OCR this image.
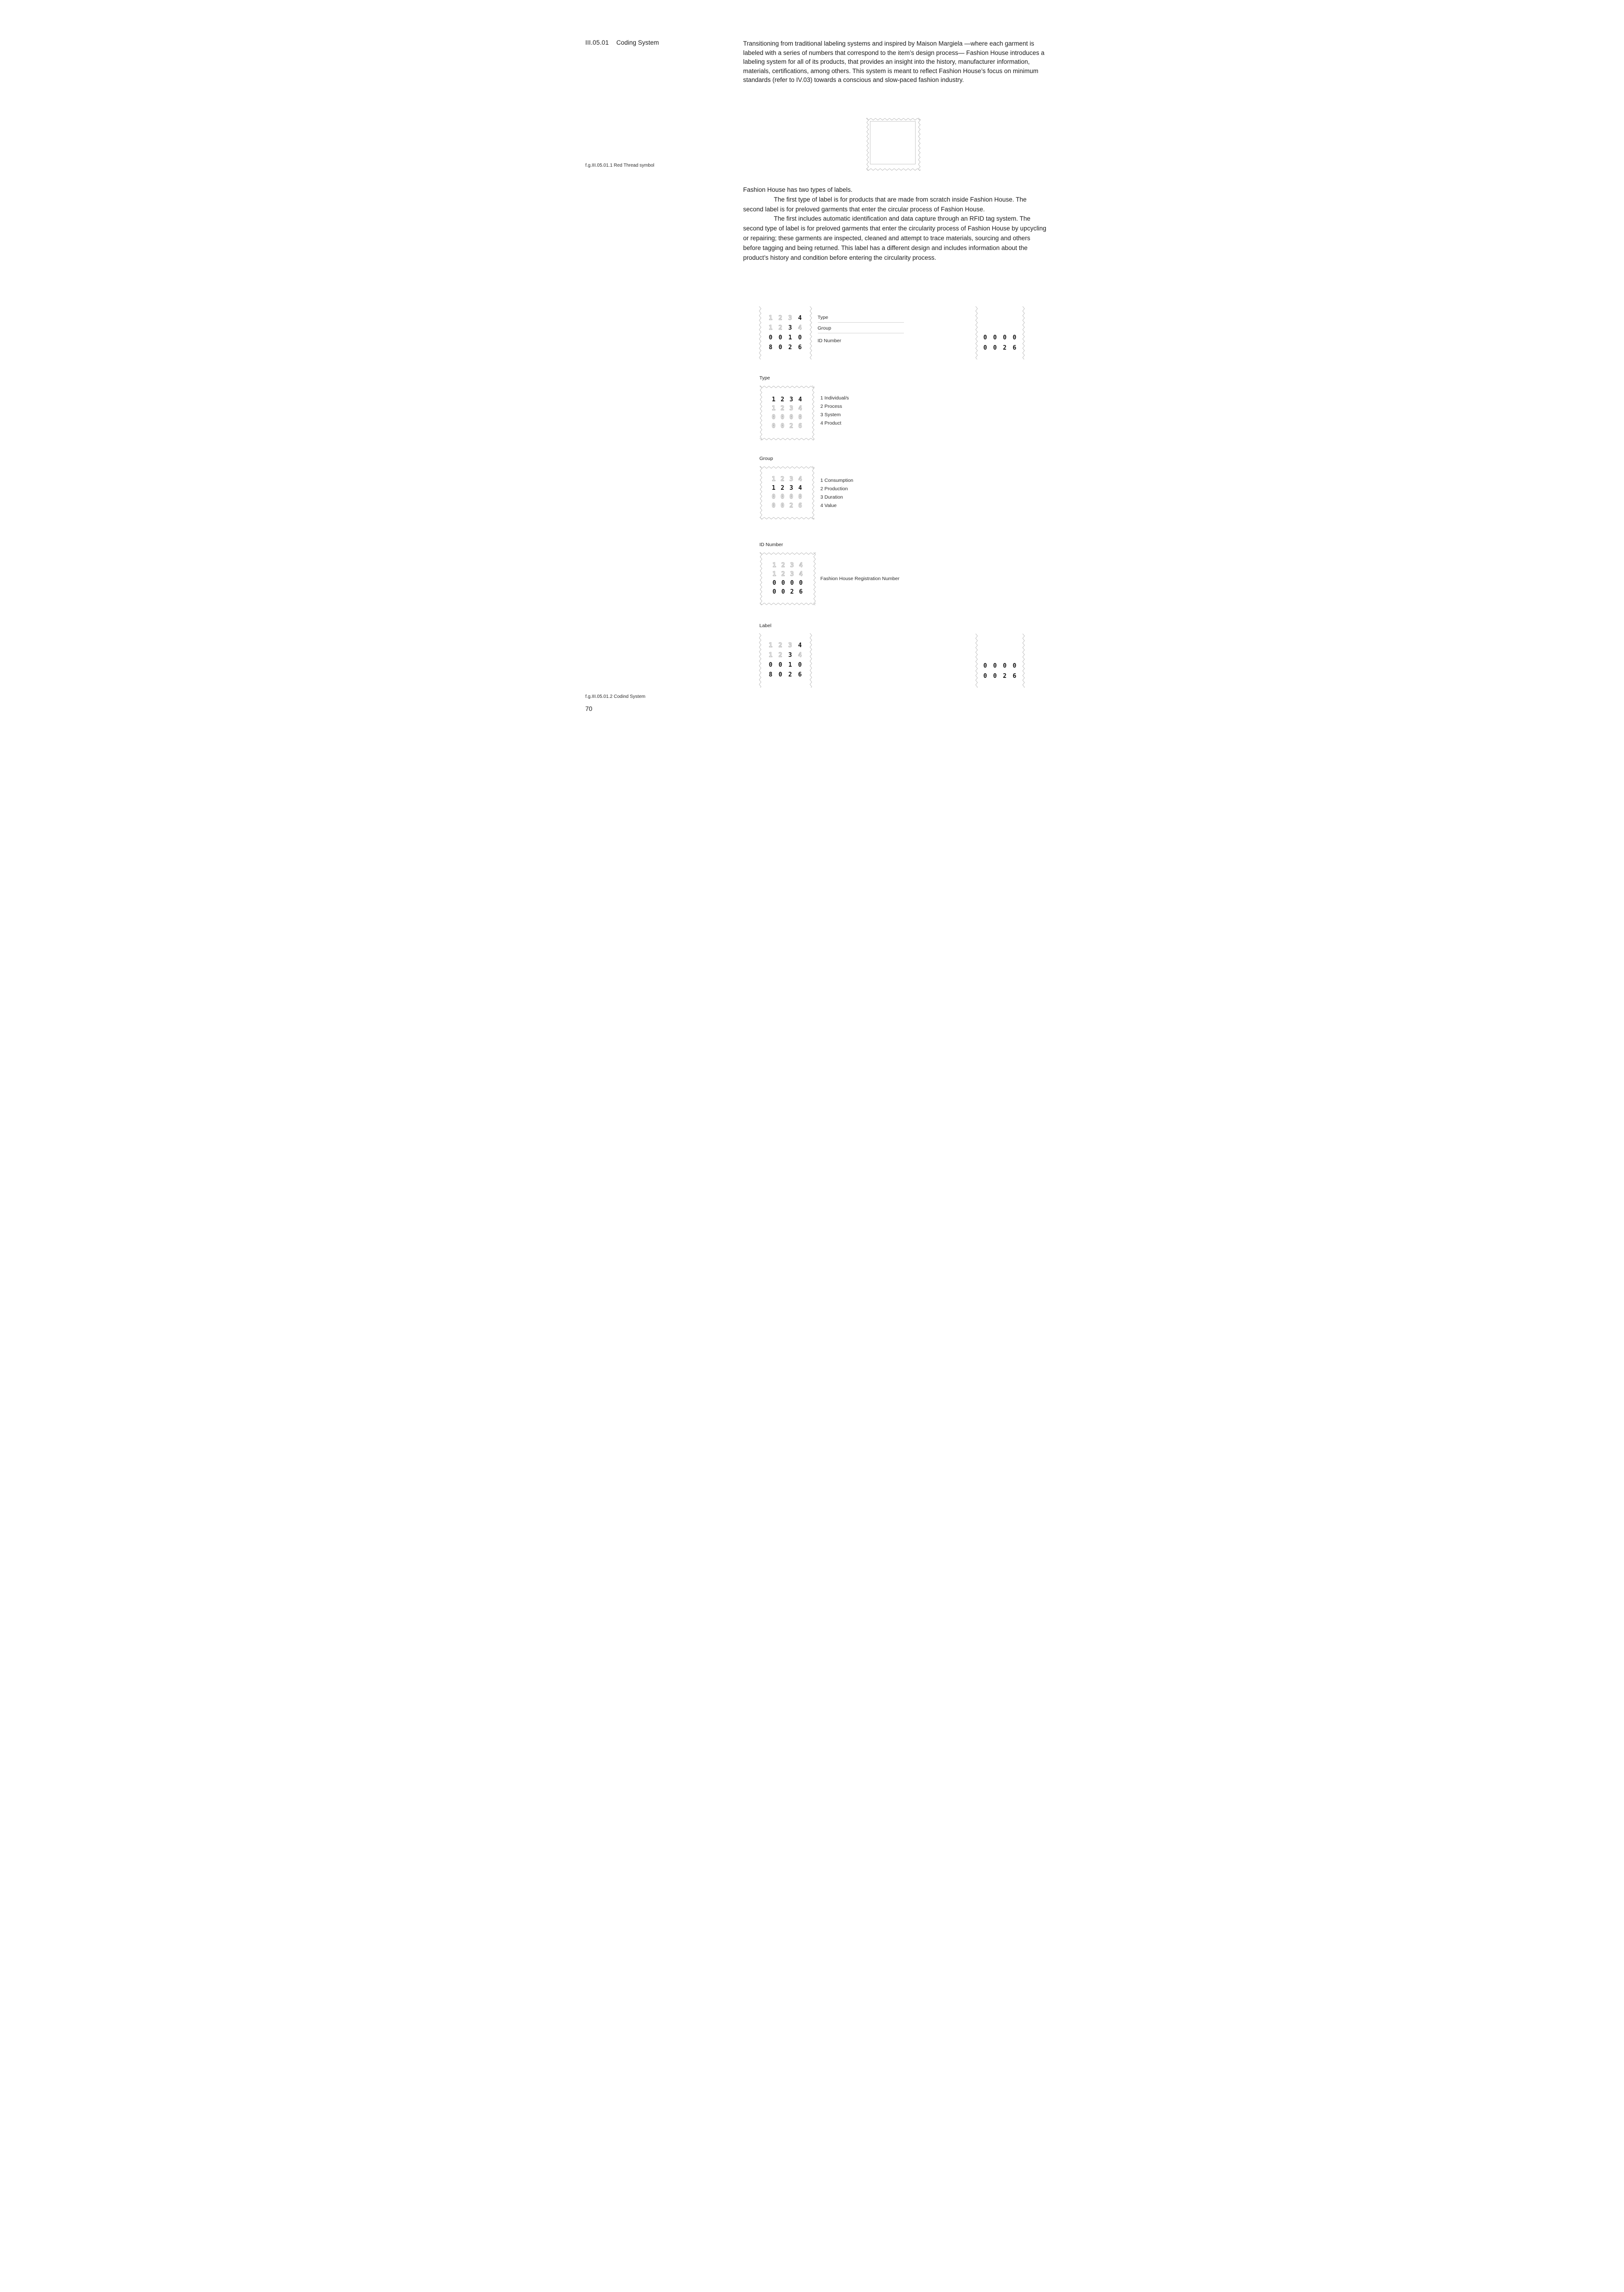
III.05.01 Coding System	Transitioning from traditional labeling systems and inspired by Maison Margiela —where each garment is labeled with a series of numbers that correspond to the item’s design process— Fashion House introduces a labeling system for all of its products, that provides an insight into the history, manufacturer information, materials, certifications, among others. This system is meant to reflect Fashion House’s focus on minimum standards (refer to IV.03) towards a conscious and slow-paced fashion industry.

f.g.III.05.01.1 Red Thread symbol

Fashion House has two types of labels.

The first type of label is for products that are made from scratch inside Fashion House. The second label is for preloved garments that enter the circular process of Fashion House.

The first includes automatic identification and data capture through an RFID tag system. The second type of label is for preloved garments that enter the circularity process of Fashion House by upcycling or repairing; these garments are inspected, cleaned and attempt to trace materials, sourcing and others before tagging and being returned. This label has a different design and includes information about the product’s history and condition before entering the circularity process.

1 2 3 4
1 2 3 4
0 0 1 0
8 0 2 6
Type
Group
ID Number	0 0 0 0
0 0 2 6
Type
1 2 3 4
1 2 3 4
0 0 0 0
0 0 2 6
1 Individual/s
2 Process
3 System
4 Product
Group
1 2 3 4
1 2 3 4
0 0 0 0
0 0 2 6
1 Consumption
2 Production
3 Duration
4 Value
ID Number
1 2 3 4
1 2 3 4
0 0 0 0
0 0 2 6
Fashion House Registration Number
Label
1 2 3 4
1 2 3 4
0 0 1 0
8 0 2 6
0 0 0 0
0 0 2 6
f.g.III.05.01.2 Codind System
70
